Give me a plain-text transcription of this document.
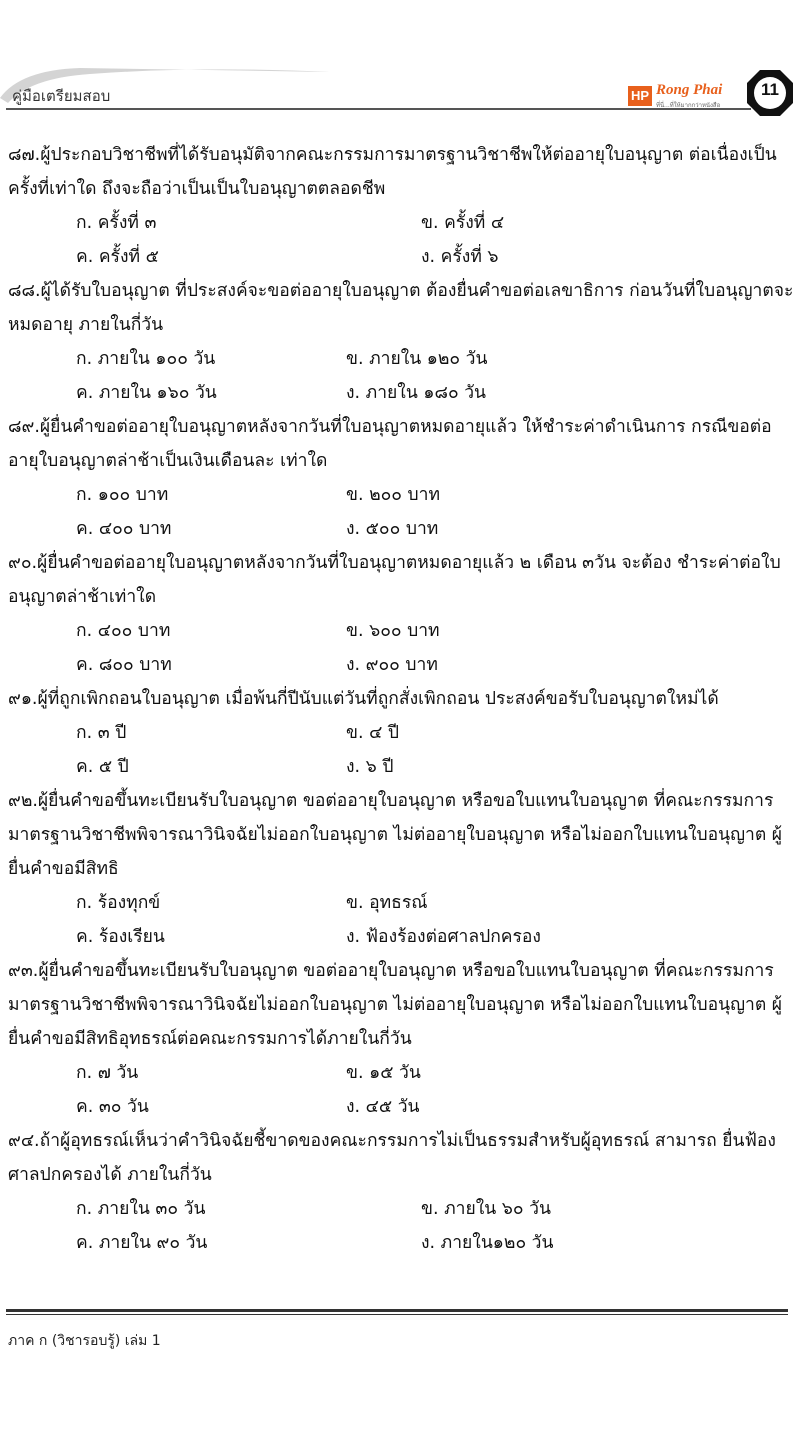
คู่มือเตรียมสอบ	HP Rong Phai
ที่นี่...ที่ให้มากกว่าหนังสือ
11
๘๗.ผู้ประกอบวิชาชีพที่ได้รับอนุมัติจากคณะกรรมการมาตรฐานวิชาชีพให้ต่ออายุใบอนุญาต ต่อเนื่องเป็นครั้งที่เท่าใด ถึงจะถือว่าเป็นเป็นใบอนุญาตตลอดชีพ
ก. ครั้งที่ ๓	ข. ครั้งที่ ๔
ค. ครั้งที่ ๕	ง. ครั้งที่ ๖
๘๘.ผู้ได้รับใบอนุญาต ที่ประสงค์จะขอต่ออายุใบอนุญาต ต้องยื่นคำขอต่อเลขาธิการ ก่อนวันที่ใบอนุญาตจะหมดอายุ ภายในกี่วัน
ก. ภายใน ๑๐๐ วัน	ข. ภายใน ๑๒๐ วัน
ค. ภายใน ๑๖๐ วัน	ง. ภายใน ๑๘๐ วัน
๘๙.ผู้ยื่นคำขอต่ออายุใบอนุญาตหลังจากวันที่ใบอนุญาตหมดอายุแล้ว ให้ชำระค่าดำเนินการ กรณีขอต่ออายุใบอนุญาตล่าช้าเป็นเงินเดือนละ เท่าใด
ก. ๑๐๐ บาท	ข. ๒๐๐ บาท
ค. ๔๐๐ บาท	ง. ๕๐๐ บาท
๙๐.ผู้ยื่นคำขอต่ออายุใบอนุญาตหลังจากวันที่ใบอนุญาตหมดอายุแล้ว ๒ เดือน ๓วัน จะต้อง ชำระค่าต่อใบอนุญาตล่าช้าเท่าใด
ก. ๔๐๐ บาท	ข. ๖๐๐ บาท
ค. ๘๐๐ บาท	ง. ๙๐๐ บาท
๙๑.ผู้ที่ถูกเพิกถอนใบอนุญาต เมื่อพ้นกี่ปีนับแต่วันที่ถูกสั่งเพิกถอน ประสงค์ขอรับใบอนุญาตใหม่ได้
ก. ๓ ปี	ข. ๔ ปี
ค. ๕ ปี	ง. ๖ ปี
๙๒.ผู้ยื่นคำขอขึ้นทะเบียนรับใบอนุญาต ขอต่ออายุใบอนุญาต หรือขอใบแทนใบอนุญาต ที่คณะกรรมการมาตรฐานวิชาชีพพิจารณาวินิจฉัยไม่ออกใบอนุญาต ไม่ต่ออายุใบอนุญาต หรือไม่ออกใบแทนใบอนุญาต ผู้ยื่นคำขอมีสิทธิ
ก. ร้องทุกข์	ข. อุทธรณ์
ค. ร้องเรียน	ง. ฟ้องร้องต่อศาลปกครอง
๙๓.ผู้ยื่นคำขอขึ้นทะเบียนรับใบอนุญาต ขอต่ออายุใบอนุญาต หรือขอใบแทนใบอนุญาต ที่คณะกรรมการมาตรฐานวิชาชีพพิจารณาวินิจฉัยไม่ออกใบอนุญาต ไม่ต่ออายุใบอนุญาต หรือไม่ออกใบแทนใบอนุญาต ผู้ยื่นคำขอมีสิทธิอุทธรณ์ต่อคณะกรรมการได้ภายในกี่วัน
ก. ๗ วัน	ข. ๑๕ วัน
ค. ๓๐ วัน	ง. ๔๕ วัน
๙๔.ถ้าผู้อุทธรณ์เห็นว่าคำวินิจฉัยชี้ขาดของคณะกรรมการไม่เป็นธรรมสำหรับผู้อุทธรณ์ สามารถ ยื่นฟ้องศาลปกครองได้ ภายในกี่วัน
ก. ภายใน ๓๐ วัน	ข. ภายใน ๖๐ วัน
ค. ภายใน ๙๐ วัน	ง. ภายใน๑๒๐ วัน
ภาค ก (วิชารอบรู้) เล่ม 1
